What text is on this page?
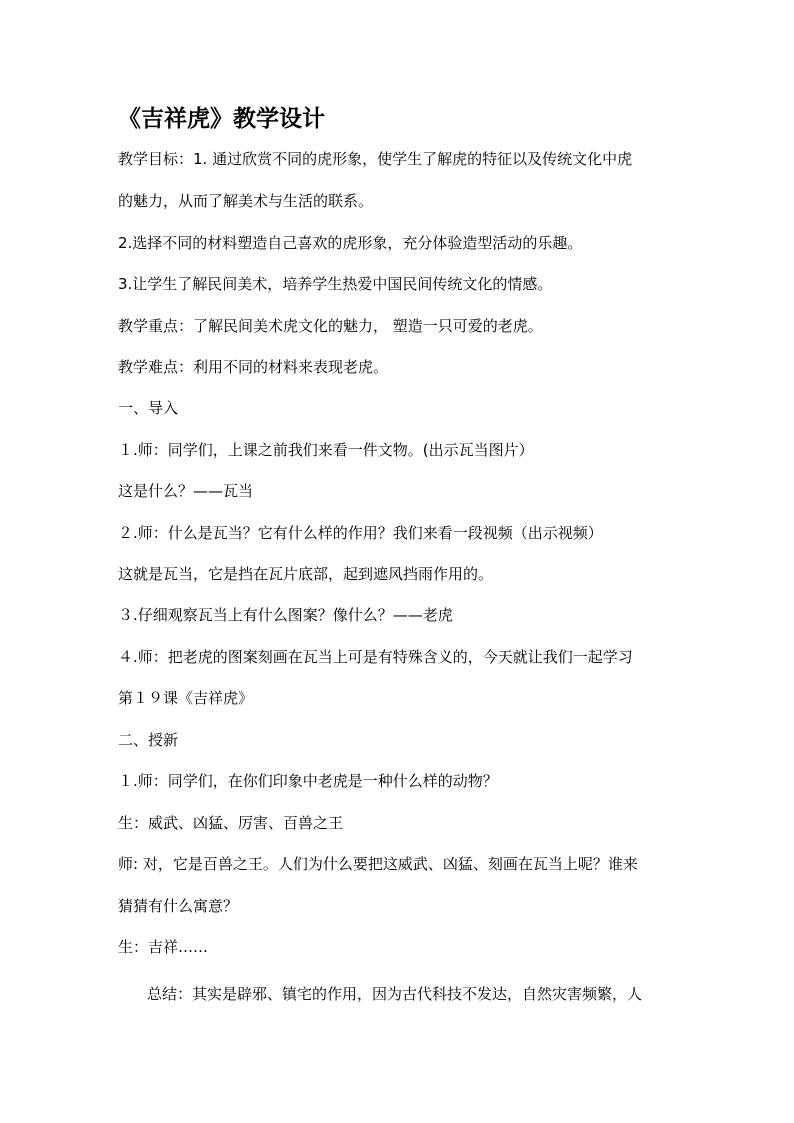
《吉祥虎》教学设计

教学目标：1. 通过欣赏不同的虎形象，使学生了解虎的特征以及传统文化中虎

的魅力，从而了解美术与生活的联系。

2.选择不同的材料塑造自己喜欢的虎形象，充分体验造型活动的乐趣。

3.让学生了解民间美术，培养学生热爱中国民间传统文化的情感。

教学重点：了解民间美术虎文化的魅力， 塑造一只可爱的老虎。

教学难点：利用不同的材料来表现老虎。

一、导入

１.师：同学们，上课之前我们来看一件文物。(出示瓦当图片）

这是什么？——瓦当

２.师：什么是瓦当？它有什么样的作用？我们来看一段视频（出示视频）

这就是瓦当，它是挡在瓦片底部，起到遮风挡雨作用的。

３.仔细观察瓦当上有什么图案？像什么？——老虎

４.师：把老虎的图案刻画在瓦当上可是有特殊含义的，今天就让我们一起学习

第１９课《吉祥虎》

二、授新

１.师：同学们，在你们印象中老虎是一种什么样的动物？

生：威武、凶猛、厉害、百兽之王

师: 对，它是百兽之王。人们为什么要把这威武、凶猛、刻画在瓦当上呢？谁来

猜猜有什么寓意？

生：吉祥……

总结：其实是辟邪、镇宅的作用，因为古代科技不发达，自然灾害频繁，人
